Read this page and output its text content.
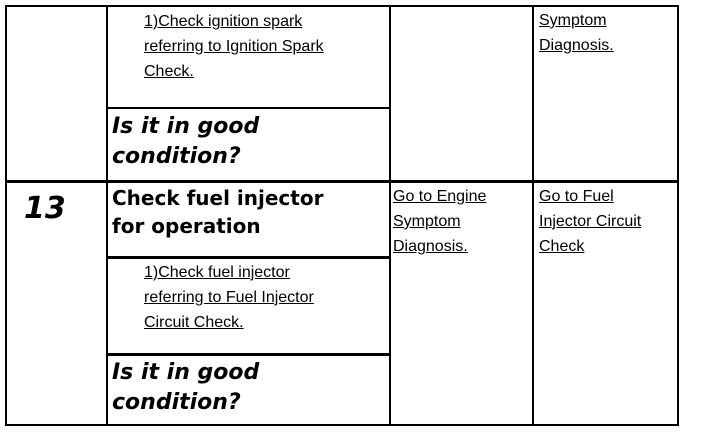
1)Check ignition spark
referring to Ignition Spark
Check.
Is it in good
condition?
Symptom
Diagnosis.
13 Check fuel injector
for operation
1)Check fuel injector
referring to Fuel Injector
Circuit Check.
Is it in good
condition?
Go to Engine
Symptom
Diagnosis.
Go to Fuel
Injector Circuit
Check
